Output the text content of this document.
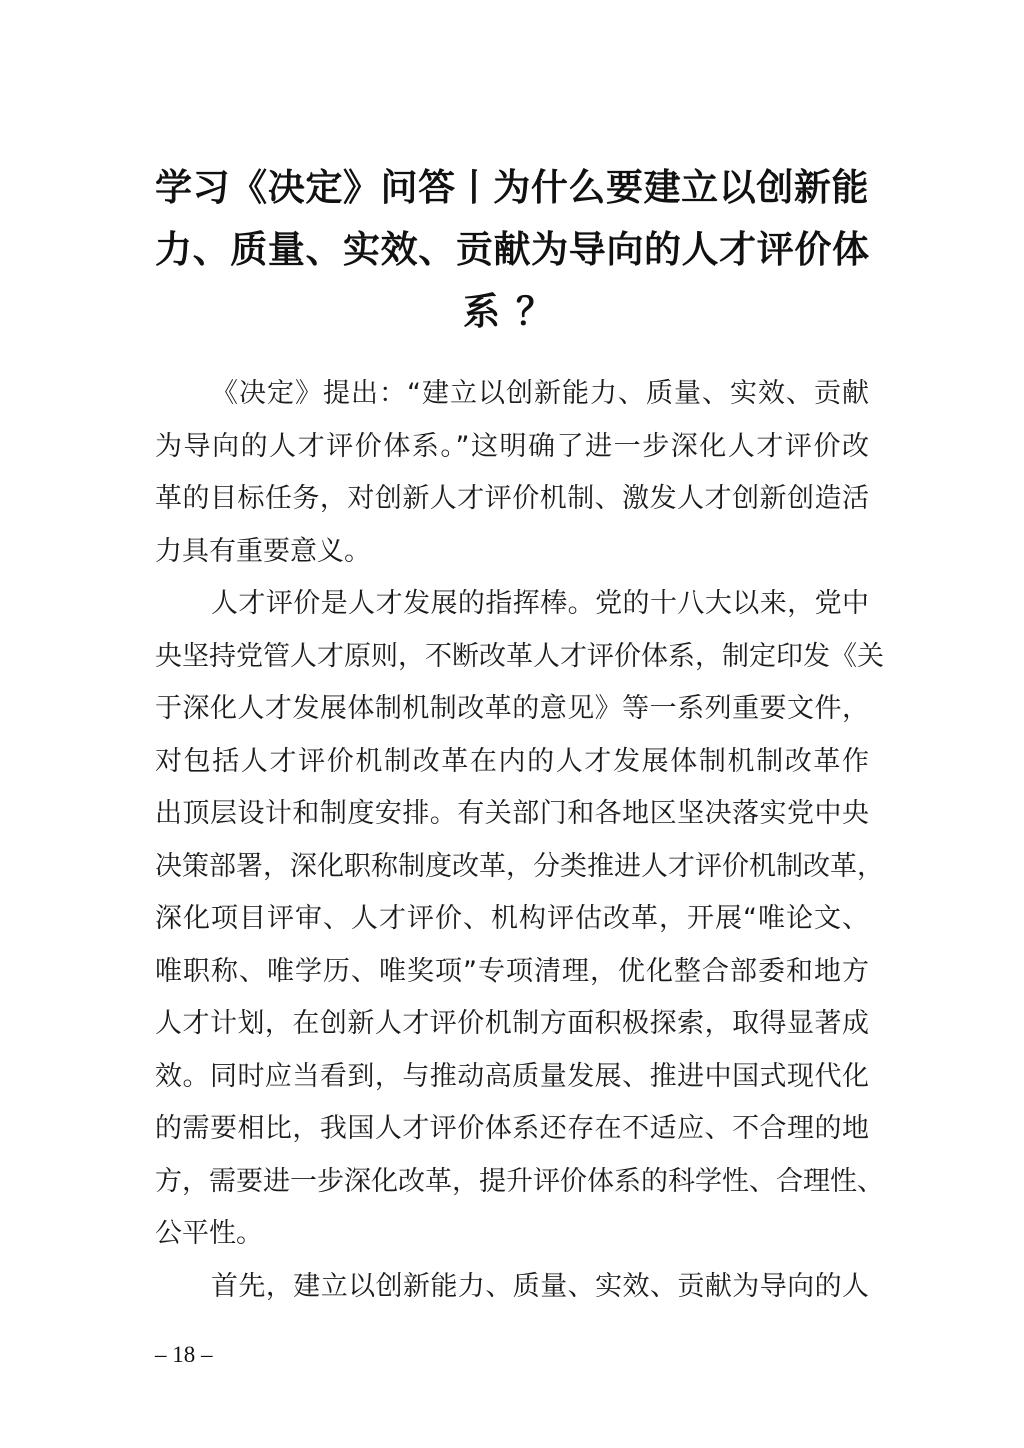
学习《决定》问答丨为什么要建立以创新能
力、质量、实效、贡献为导向的人才评价体
系？
《决定》提出：“建立以创新能力、质量、实效、贡献
为导向的人才评价体系。”这明确了进一步深化人才评价改
革的目标任务，对创新人才评价机制、激发人才创新创造活
力具有重要意义。
人才评价是人才发展的指挥棒。党的十八大以来，党中
央坚持党管人才原则，不断改革人才评价体系，制定印发《关
于深化人才发展体制机制改革的意见》等一系列重要文件，
对包括人才评价机制改革在内的人才发展体制机制改革作
出顶层设计和制度安排。有关部门和各地区坚决落实党中央
决策部署，深化职称制度改革，分类推进人才评价机制改革，
深化项目评审、人才评价、机构评估改革，开展“唯论文、
唯职称、唯学历、唯奖项”专项清理，优化整合部委和地方
人才计划，在创新人才评价机制方面积极探索，取得显著成
效。同时应当看到，与推动高质量发展、推进中国式现代化
的需要相比，我国人才评价体系还存在不适应、不合理的地
方，需要进一步深化改革，提升评价体系的科学性、合理性、
公平性。
首先，建立以创新能力、质量、实效、贡献为导向的人
– 18 –
